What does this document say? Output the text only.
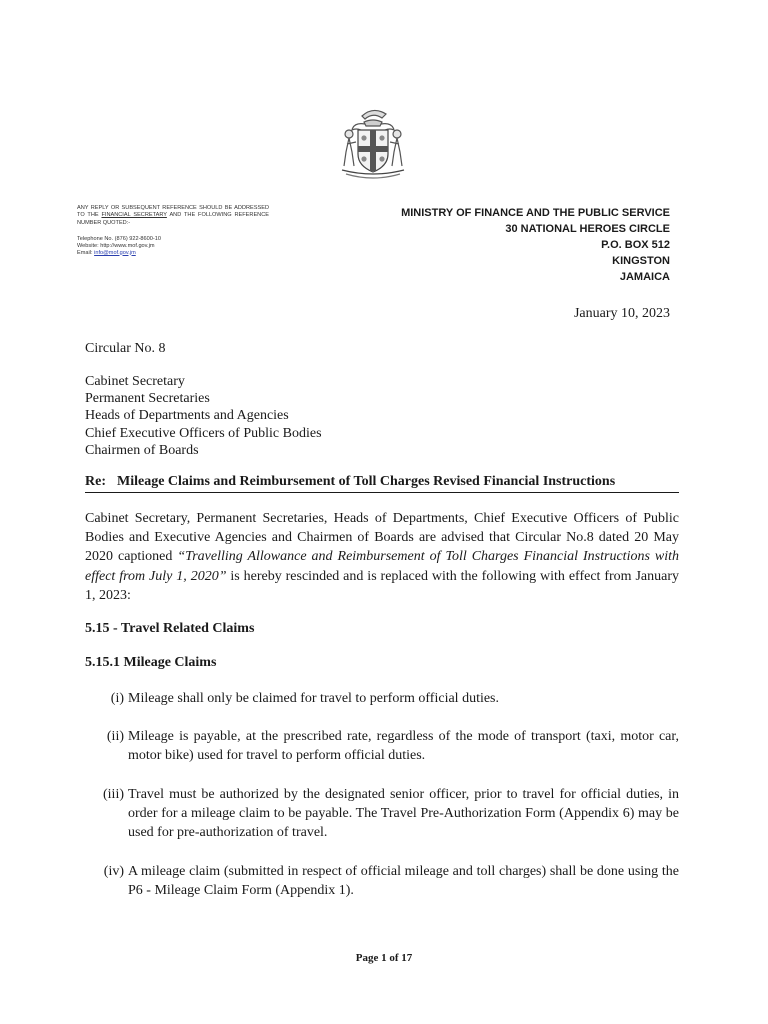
ANY REPLY OR SUBSEQUENT REFERENCE SHOULD BE ADDRESSED TO THE FINANCIAL SECRETARY AND THE FOLLOWING REFERENCE NUMBER QUOTED:-
Telephone No. (876) 922-8600-10
Website: http://www.mof.gov.jm
Email: info@mof.gov.jm
MINISTRY OF FINANCE AND THE PUBLIC SERVICE
30 NATIONAL HEROES CIRCLE
P.O. BOX 512
KINGSTON
JAMAICA
January 10, 2023
Circular No. 8
Cabinet Secretary
Permanent Secretaries
Heads of Departments and Agencies
Chief Executive Officers of Public Bodies
Chairmen of Boards
Re: Mileage Claims and Reimbursement of Toll Charges Revised Financial Instructions
Cabinet Secretary, Permanent Secretaries, Heads of Departments, Chief Executive Officers of Public Bodies and Executive Agencies and Chairmen of Boards are advised that Circular No.8 dated 20 May 2020 captioned “Travelling Allowance and Reimbursement of Toll Charges Financial Instructions with effect from July 1, 2020” is hereby rescinded and is replaced with the following with effect from January 1, 2023:
5.15 - Travel Related Claims
5.15.1 Mileage Claims
(i) Mileage shall only be claimed for travel to perform official duties.
(ii) Mileage is payable, at the prescribed rate, regardless of the mode of transport (taxi, motor car, motor bike) used for travel to perform official duties.
(iii) Travel must be authorized by the designated senior officer, prior to travel for official duties, in order for a mileage claim to be payable. The Travel Pre-Authorization Form (Appendix 6) may be used for pre-authorization of travel.
(iv) A mileage claim (submitted in respect of official mileage and toll charges) shall be done using the P6 - Mileage Claim Form (Appendix 1).
Page 1 of 17
